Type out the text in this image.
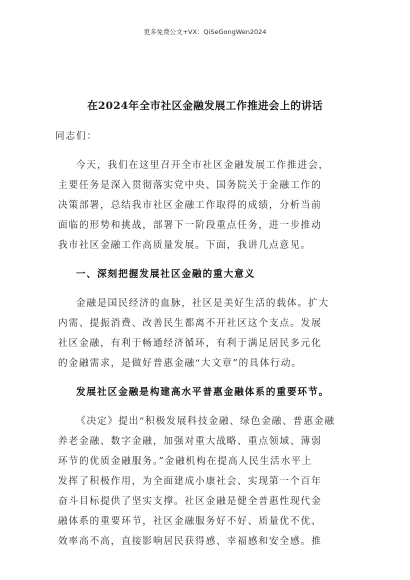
更多免费公文+VX：QiSeGongWen2024
在2024年全市社区金融发展工作推进会上的讲话
同志们：
今天，我们在这里召开全市社区金融发展工作推进会，
主要任务是深入贯彻落实党中央、国务院关于金融工作的
决策部署，总结我市社区金融工作取得的成绩，分析当前
面临的形势和挑战，部署下一阶段重点任务，进一步推动
我市社区金融工作高质量发展。下面，我讲几点意见。
一、深刻把握发展社区金融的重大意义
金融是国民经济的血脉，社区是美好生活的载体。扩大
内需、提振消费、改善民生都离不开社区这个支点。发展
社区金融，有利于畅通经济循环，有利于满足居民多元化
的金融需求，是做好普惠金融“大文章”的具体行动。
发展社区金融是构建高水平普惠金融体系的重要环节。
《决定》提出“积极发展科技金融、绿色金融、普惠金融
养老金融、数字金融，加强对重大战略、重点领域、薄弱
环节的优质金融服务。”金融机构在提高人民生活水平上
发挥了积极作用，为全面建成小康社会、实现第一个百年
奋斗目标提供了坚实支撑。社区金融是健全普惠性现代金
融体系的重要环节，社区金融服务好不好、质量优不优、
效率高不高，直接影响居民获得感、幸福感和安全感。推
